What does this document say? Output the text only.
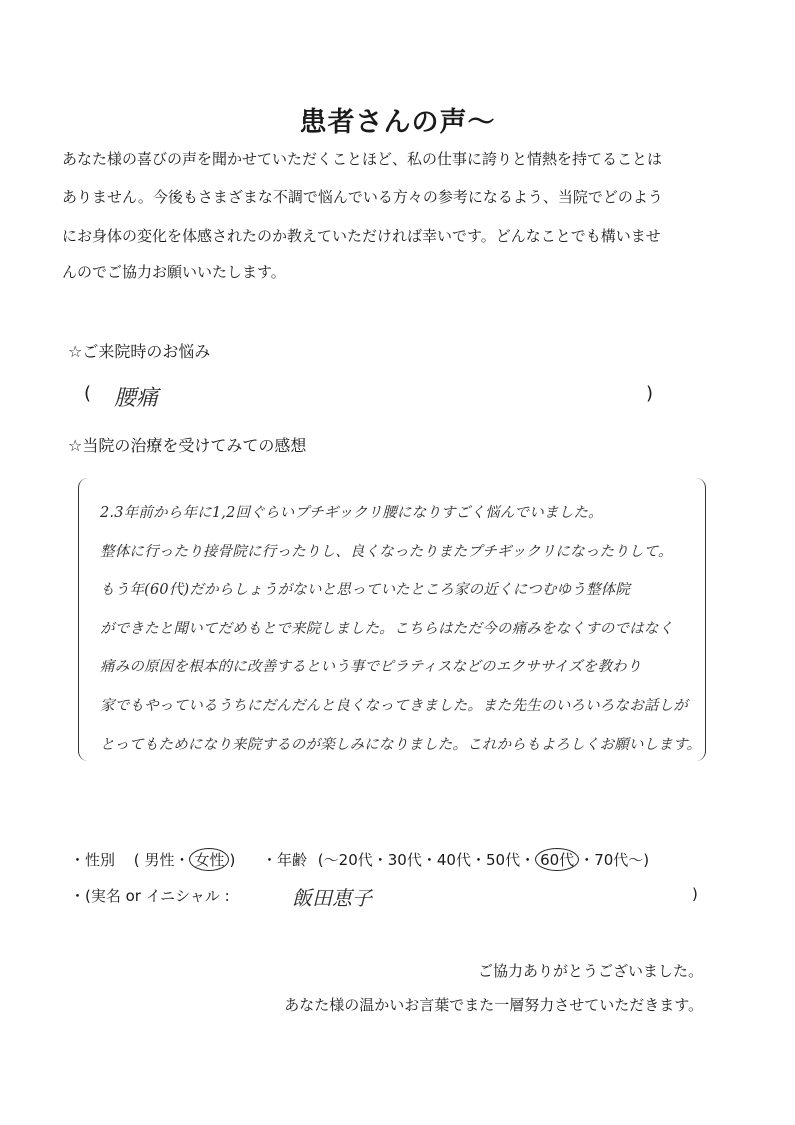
患者さんの声〜
あなた様の喜びの声を聞かせていただくことほど、私の仕事に誇りと情熱を持てることは
ありません。今後もさまざまな不調で悩んでいる方々の参考になるよう、当院でどのよう
にお身体の変化を体感されたのか教えていただければ幸いです。どんなことでも構いませ
んのでご協力お願いいたします。
☆ご来院時のお悩み
( 腰痛	)
☆当院の治療を受けてみての感想
2.3年前から年に1,2回ぐらいプチギックリ腰になりすごく悩んでいました。
整体に行ったり接骨院に行ったりし、良くなったりまたプチギックリになったりして。
もう年(60代)だからしょうがないと思っていたところ家の近くにつむゆう整体院
ができたと聞いてだめもとで来院しました。こちらはただ今の痛みをなくすのではなく
痛みの原因を根本的に改善するという事でピラティスなどのエクササイズを教わり
家でもやっているうちにだんだんと良くなってきました。また先生のいろいろなお話しが
とってもためになり来院するのが楽しみになりました。これからもよろしくお願いします。
・性別 ( 男性・ 女性 ) ・年齢 (〜20代・30代・40代・50代・ 60代 ・70代〜)
・(実名 or イニシャル :	飯田恵子	)
ご協力ありがとうございました。
あなた様の温かいお言葉でまた一層努力させていただきます。
